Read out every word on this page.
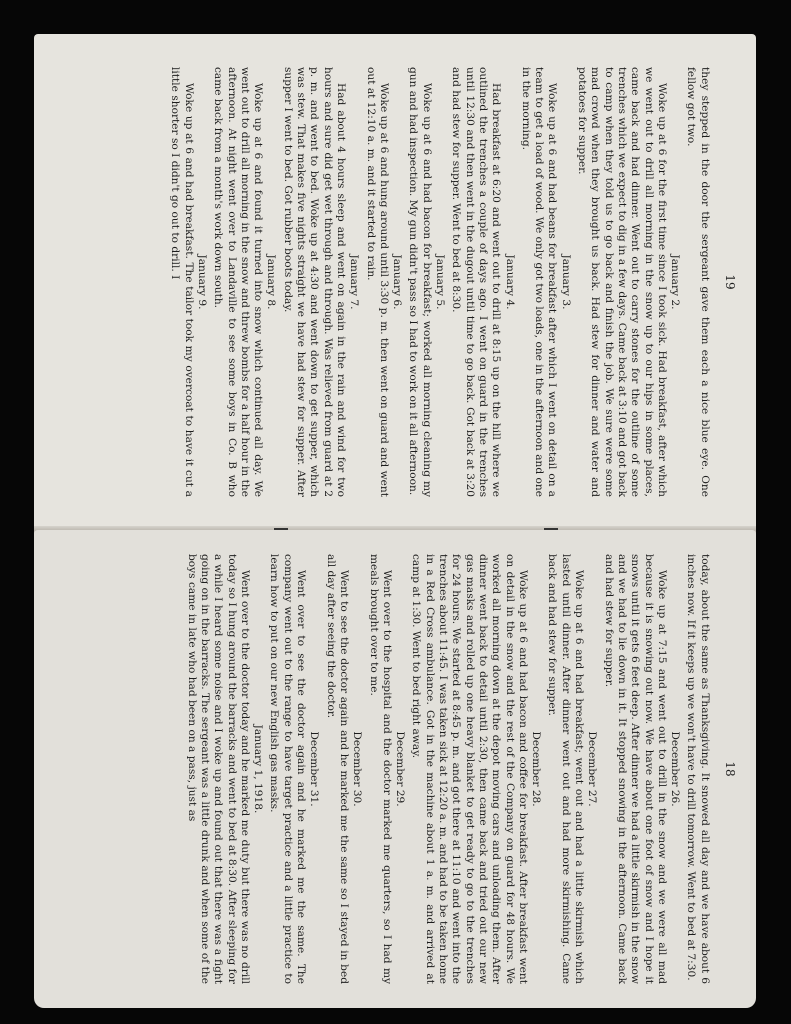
19

they stepped in the door the sergeant gave them each a nice blue eye. One fellow got two.

January 2.

Woke up at 6 for the first time since I took sick. Had breakfast, after which we went out to drill all morning in the snow up to our hips in some places, came back and had dinner. Went out to carry stones for the outline of some trenches which we expect to dig in a few days. Came back at 3:10 and got back to camp when they told us to go back and finish the job. We sure were some mad crowd when they brought us back. Had stew for dinner and water and potatoes for supper.

January 3.

Woke up at 6 and had beans for breakfast after which I went on detail on a team to get a load of wood. We only got two loads, one in the afternoon and one in the morning.

January 4.

Had breakfast at 6:20 and went out to drill at 8:15 up on the hill where we outlined the trenches a couple of days ago. I went on guard in the trenches until 12:30 and then went in the dugout until time to go back. Got back at 3:20 and had stew for supper. Went to bed at 8:30.

January 5.

Woke up at 6 and had bacon for breakfast; worked all morning cleaning my gun and had inspection. My gun didn't pass so I had to work on it all afternoon.

January 6.

Woke up at 6 and hung around until 3:30 p. m. then went on guard and went out at 12:10 a. m. and it started to rain.

January 7.

Had about 4 hours sleep and went on again in the rain and wind for two hours and sure did get wet through and through. Was relieved from guard at 2 p. m. and went to bed. Woke up at 4:30 and went down to get supper, which was stew. That makes five nights straight we have had stew for supper. After supper I went to bed. Got rubber boots today.

January 8.

Woke up at 6 and found it turned into snow which continued all day. We went out to drill all morning in the snow and threw bombs for a half hour in the afternoon. At night went over to Landaville to see some boys in Co. B who came back from a month's work down south.

January 9.

Woke up at 6 and had breakfast. The tailor took my overcoat to have it cut a little shorter so I didn't go out to drill. I

18

today, about the same as Thanksgiving. It snowed all day and we have about 6 inches now. If it keeps up we won't have to drill tomorrow. Went to bed at 7:30.

December 26.

Woke up at 7:15 and went out to drill in the snow and we were all mad because it is snowing out now. We have about one foot of snow and I hope it snows until it gets 6 feet deep. After dinner we had a little skirmish in the snow and we had to lie down in it. It stopped snowing in the afternoon. Came back and had stew for supper.

December 27.

Woke up at 6 and had breakfast; went out and had a little skirmish which lasted until dinner. After dinner went out and had more skirmishing. Came back and had stew for supper.

December 28.

Woke up at 6 and had bacon and coffee for breakfast. After breakfast went on detail in the snow and the rest of the Company on guard for 48 hours. We worked all morning down at the depot moving cars and unloading them. After dinner went back to detail until 2:30, then came back and tried out our new gas masks and rolled up one heavy blanket to get ready to go to the trenches for 24 hours. We started at 8:45 p. m. and got there at 11:10 and went into the trenches about 11:45. I was taken sick at 12:20 a. m. and had to be taken home in a Red Cross ambulance. Got in the machine about 1 a. m. and arrived at camp at 1:30. Went to bed right away.

December 29.

Went over to the hospital and the doctor marked me quarters, so I had my meals brought over to me.

December 30.

Went to see the doctor again and he marked me the same so I stayed in bed all day after seeing the doctor.

December 31.

Went over to see the doctor again and he marked me the same. The company went out to the range to have target practice and a little practice to learn how to put on our new English gas masks.

January 1, 1918.

Went over to the doctor today and he marked me duty but there was no drill today so I hung around the barracks and went to bed at 8:30. After sleeping for a while I heard some noise and I woke up and found out that there was a fight going on in the barracks. The sergeant was a little drunk and when some of the boys came in late who had been on a pass, just as
